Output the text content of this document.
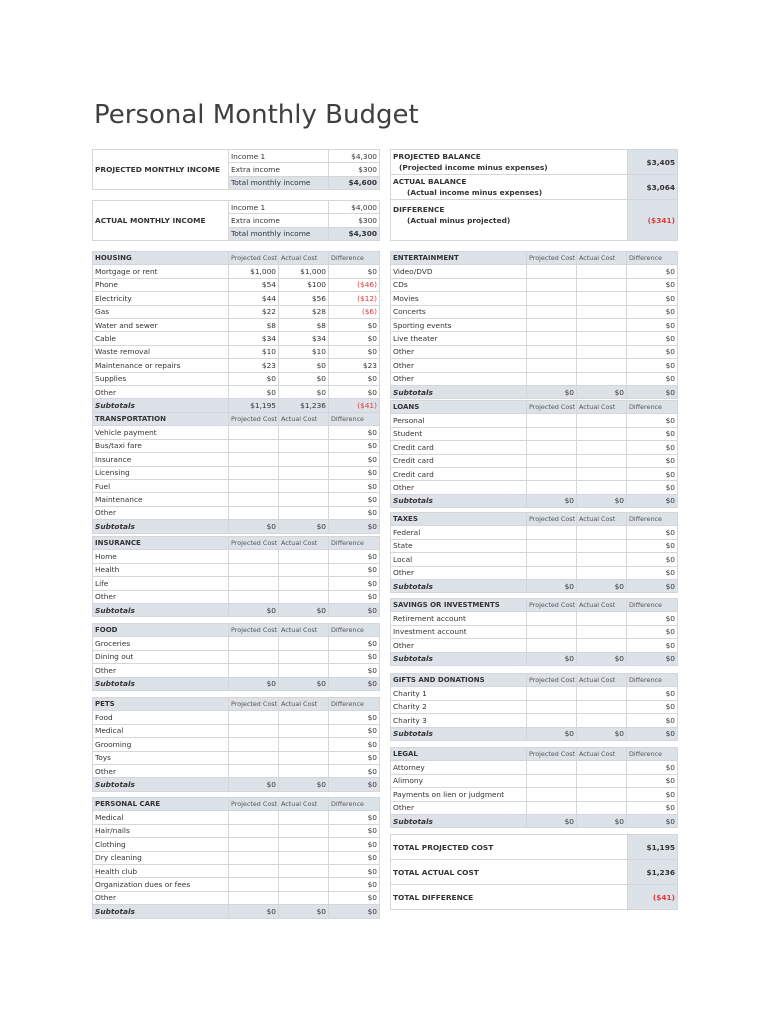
Personal Monthly Budget
PROJECTED MONTHLY INCOME	Income 1	$4,300
	Extra income	$300
	Total monthly income	$4,600
ACTUAL MONTHLY INCOME	Income 1	$4,000
	Extra income	$300
	Total monthly income	$4,300
PROJECTED BALANCE
(Projected income minus expenses)	$3,405

ACTUAL BALANCE
(Actual income minus expenses)	$3,064

DIFFERENCE
(Actual minus projected)	($341)
HOUSING	Projected Cost	Actual Cost	Difference
Mortgage or rent	$1,000	$1,000	$0
Phone	$54	$100	($46)
Electricity	$44	$56	($12)
Gas	$22	$28	($6)
Water and sewer	$8	$8	$0
Cable	$34	$34	$0
Waste removal	$10	$10	$0
Maintenance or repairs	$23	$0	$23
Supplies	$0	$0	$0
Other	$0	$0	$0
Subtotals	$1,195	$1,236	($41)
TRANSPORTATION	Projected Cost	Actual Cost	Difference
Vehicle payment			$0
Bus/taxi fare			$0
Insurance			$0
Licensing			$0
Fuel			$0
Maintenance			$0
Other			$0
Subtotals	$0	$0	$0
INSURANCE	Projected Cost	Actual Cost	Difference
Home			$0
Health			$0
Life			$0
Other			$0
Subtotals	$0	$0	$0
FOOD	Projected Cost	Actual Cost	Difference
Groceries			$0
Dining out			$0
Other			$0
Subtotals	$0	$0	$0
PETS	Projected Cost	Actual Cost	Difference
Food			$0
Medical			$0
Grooming			$0
Toys			$0
Other			$0
Subtotals	$0	$0	$0
PERSONAL CARE	Projected Cost	Actual Cost	Difference
Medical			$0
Hair/nails			$0
Clothing			$0
Dry cleaning			$0
Health club			$0
Organization dues or fees			$0
Other			$0
Subtotals	$0	$0	$0
ENTERTAINMENT	Projected Cost	Actual Cost	Difference
Video/DVD			$0
CDs			$0
Movies			$0
Concerts			$0
Sporting events			$0
Live theater			$0
Other			$0
Other			$0
Other			$0
Subtotals	$0	$0	$0
LOANS	Projected Cost	Actual Cost	Difference
Personal			$0
Student			$0
Credit card			$0
Credit card			$0
Credit card			$0
Other			$0
Subtotals	$0	$0	$0
TAXES	Projected Cost	Actual Cost	Difference
Federal			$0
State			$0
Local			$0
Other			$0
Subtotals	$0	$0	$0
SAVINGS OR INVESTMENTS	Projected Cost	Actual Cost	Difference
Retirement account			$0
Investment account			$0
Other			$0
Subtotals	$0	$0	$0
GIFTS AND DONATIONS	Projected Cost	Actual Cost	Difference
Charity 1			$0
Charity 2			$0
Charity 3			$0
Subtotals	$0	$0	$0
LEGAL	Projected Cost	Actual Cost	Difference
Attorney			$0
Alimony			$0
Payments on lien or judgment			$0
Other			$0
Subtotals	$0	$0	$0
TOTAL PROJECTED COST	$1,195
TOTAL ACTUAL COST	$1,236
TOTAL DIFFERENCE	($41)
